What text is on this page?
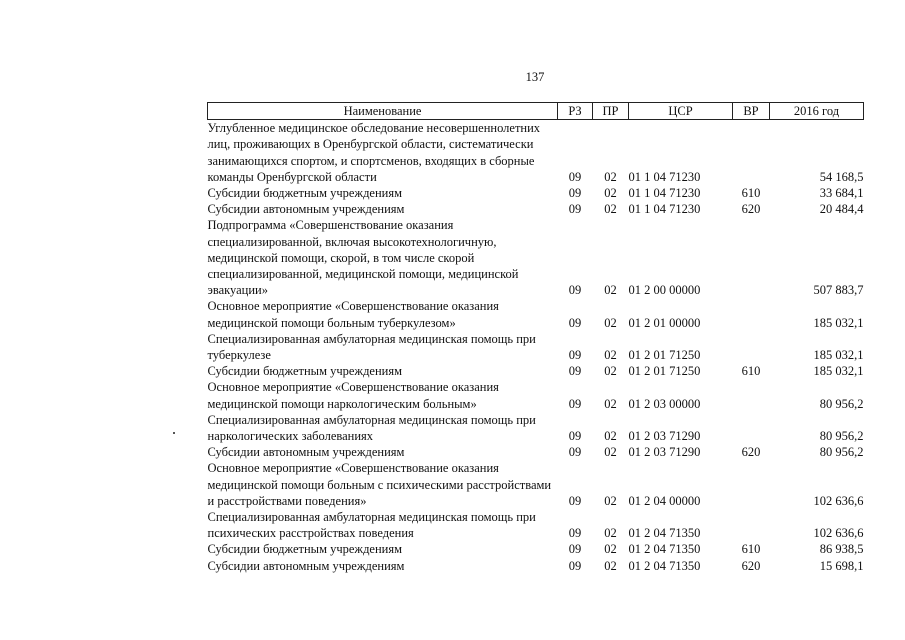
137
Наименование	РЗ	ПР	ЦСР	ВР	2016 год
Углубленное медицинское обследование несовершеннолетних лиц, проживающих в Оренбургской области, систематически занимающихся спортом, и спортсменов, входящих в сборные команды Оренбургской области	09	02	01 1 04 71230		54 168,5
Субсидии бюджетным учреждениям	09	02	01 1 04 71230	610	33 684,1
Субсидии автономным учреждениям	09	02	01 1 04 71230	620	20 484,4
Подпрограмма «Совершенствование оказания специализированной, включая высокотехнологичную, медицинской помощи, скорой, в том числе скорой специализированной, медицинской помощи, медицинской эвакуации»	09	02	01 2 00 00000		507 883,7
Основное мероприятие «Совершенствование оказания медицинской помощи больным туберкулезом»	09	02	01 2 01 00000		185 032,1
Специализированная амбулаторная медицинская помощь при туберкулезе	09	02	01 2 01 71250		185 032,1
Субсидии бюджетным учреждениям	09	02	01 2 01 71250	610	185 032,1
Основное мероприятие «Совершенствование оказания медицинской помощи наркологическим больным»	09	02	01 2 03 00000		80 956,2
Специализированная амбулаторная медицинская помощь при наркологических заболеваниях	09	02	01 2 03 71290		80 956,2
Субсидии автономным учреждениям	09	02	01 2 03 71290	620	80 956,2
Основное мероприятие «Совершенствование оказания медицинской помощи больным с психическими расстройствами и расстройствами поведения»	09	02	01 2 04 00000		102 636,6
Специализированная амбулаторная медицинская помощь при психических расстройствах поведения	09	02	01 2 04 71350		102 636,6
Субсидии бюджетным учреждениям	09	02	01 2 04 71350	610	86 938,5
Субсидии автономным учреждениям	09	02	01 2 04 71350	620	15 698,1
